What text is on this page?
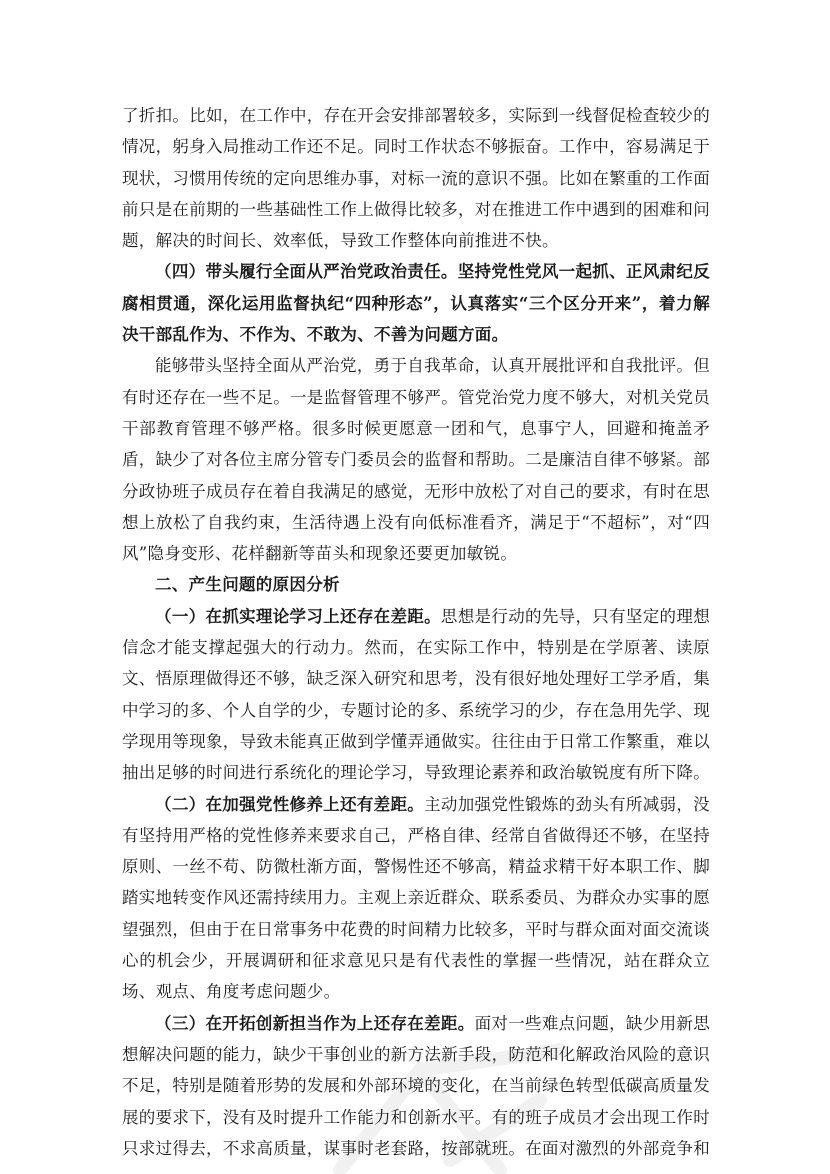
了折扣。比如，在工作中，存在开会安排部署较多，实际到一线督促检查较少的情况，躬身入局推动工作还不足。同时工作状态不够振奋。工作中，容易满足于现状，习惯用传统的定向思维办事，对标一流的意识不强。比如在繁重的工作面前只是在前期的一些基础性工作上做得比较多，对在推进工作中遇到的困难和问题，解决的时间长、效率低，导致工作整体向前推进不快。

（四）带头履行全面从严治党政治责任。坚持党性党风一起抓、正风肃纪反腐相贯通，深化运用监督执纪“四种形态”，认真落实“三个区分开来”，着力解决干部乱作为、不作为、不敢为、不善为问题方面。

能够带头坚持全面从严治党，勇于自我革命，认真开展批评和自我批评。但有时还存在一些不足。一是监督管理不够严。管党治党力度不够大，对机关党员干部教育管理不够严格。很多时候更愿意一团和气，息事宁人，回避和掩盖矛盾，缺少了对各位主席分管专门委员会的监督和帮助。二是廉洁自律不够紧。部分政协班子成员存在着自我满足的感觉，无形中放松了对自己的要求，有时在思想上放松了自我约束，生活待遇上没有向低标准看齐，满足于“不超标”，对“四风”隐身变形、花样翻新等苗头和现象还要更加敏锐。

二、产生问题的原因分析

（一）在抓实理论学习上还存在差距。思想是行动的先导，只有坚定的理想信念才能支撑起强大的行动力。然而，在实际工作中，特别是在学原著、读原文、悟原理做得还不够，缺乏深入研究和思考，没有很好地处理好工学矛盾，集中学习的多、个人自学的少，专题讨论的多、系统学习的少，存在急用先学、现学现用等现象，导致未能真正做到学懂弄通做实。往往由于日常工作繁重，难以抽出足够的时间进行系统化的理论学习，导致理论素养和政治敏锐度有所下降。

（二）在加强党性修养上还有差距。主动加强党性锻炼的劲头有所减弱，没有坚持用严格的党性修养来要求自己，严格自律、经常自省做得还不够，在坚持原则、一丝不苟、防微杜渐方面，警惕性还不够高，精益求精干好本职工作、脚踏实地转变作风还需持续用力。主观上亲近群众、联系委员、为群众办实事的愿望强烈，但由于在日常事务中花费的时间精力比较多，平时与群众面对面交流谈心的机会少，开展调研和征求意见只是有代表性的掌握一些情况，站在群众立场、观点、角度考虑问题少。

（三）在开拓创新担当作为上还存在差距。面对一些难点问题，缺少用新思想解决问题的能力，缺少干事创业的新方法新手段，防范和化解政治风险的意识不足，特别是随着形势的发展和外部环境的变化，在当前绿色转型低碳高质量发展的要求下，没有及时提升工作能力和创新水平。有的班子成员才会出现工作时只求过得去，不求高质量，谋事时老套路，按部就班。在面对激烈的外部竞争和
